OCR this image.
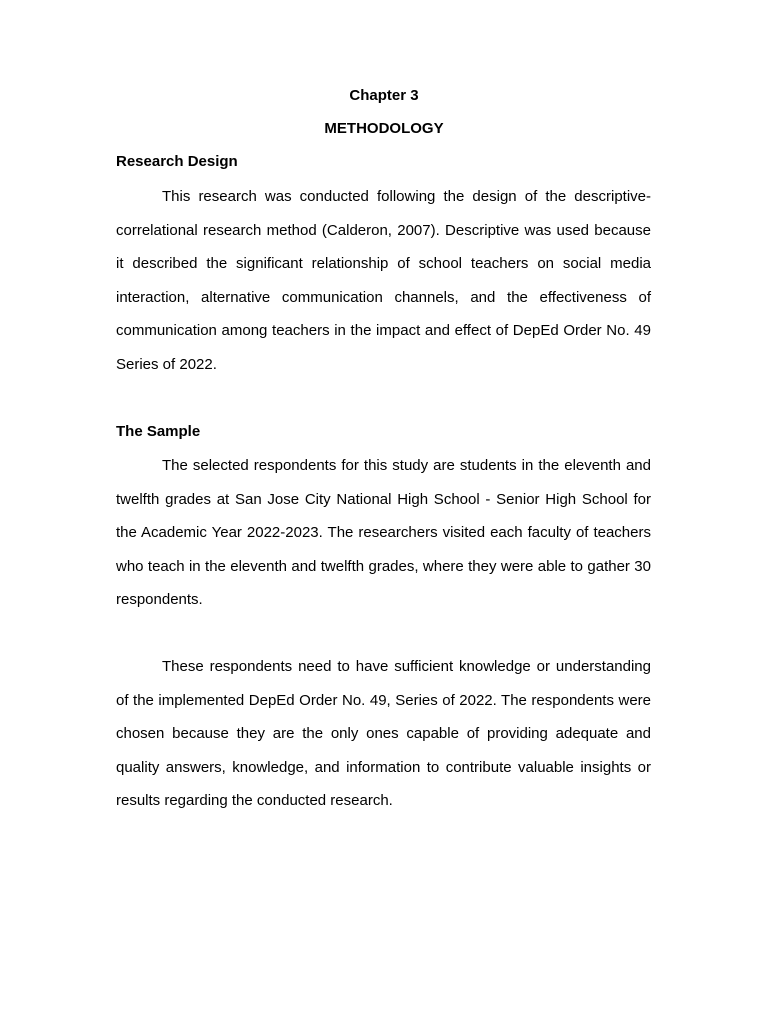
Chapter 3
METHODOLOGY
Research Design

This research was conducted following the design of the descriptive-correlational research method (Calderon, 2007). Descriptive was used because it described the significant relationship of school teachers on social media interaction, alternative communication channels, and the effectiveness of communication among teachers in the impact and effect of DepEd Order No. 49 Series of 2022.

The Sample

The selected respondents for this study are students in the eleventh and twelfth grades at San Jose City National High School - Senior High School for the Academic Year 2022-2023. The researchers visited each faculty of teachers who teach in the eleventh and twelfth grades, where they were able to gather 30 respondents.

These respondents need to have sufficient knowledge or understanding of the implemented DepEd Order No. 49, Series of 2022. The respondents were chosen because they are the only ones capable of providing adequate and quality answers, knowledge, and information to contribute valuable insights or results regarding the conducted research.
